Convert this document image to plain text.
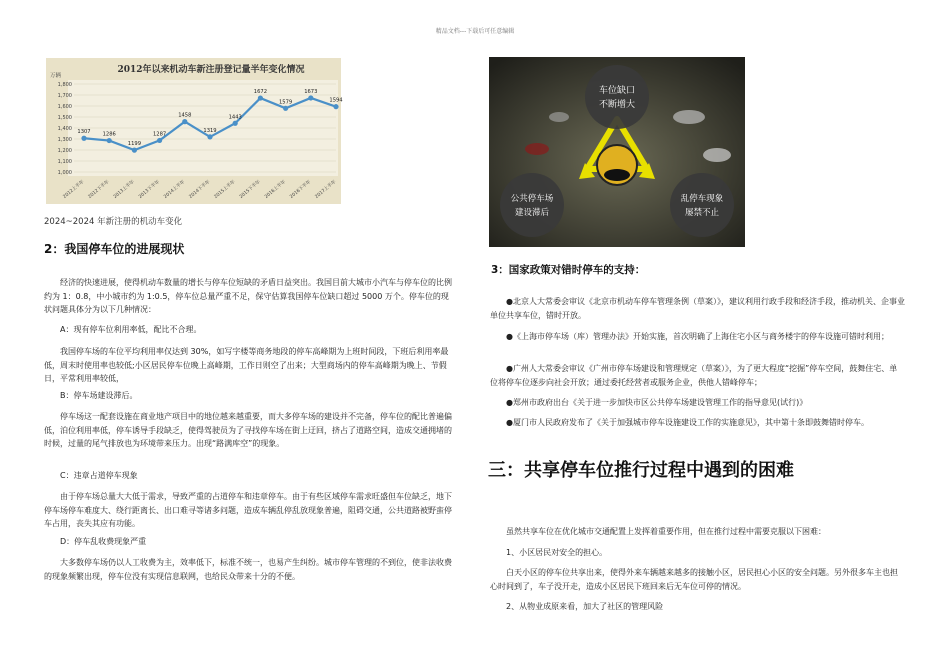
精品文档---下载后可任意编辑
2012年以来机动车新注册登记量半年变化情况
万辆
1,000
1,100
1,200
1,300
1,400
1,500
1,600
1,700
1,800
1307
2012上半年
1286
2012下半年
1199
2013上半年
1287
2013下半年
1458
2014上半年
1319
2014下半年
1443
2015上半年
1672
2015下半年
1579
2016上半年
1673
2016下半年
1594
2017上半年
2024~2024 年新注册的机动车变化
2：我国停车位的进展现状
经济的快速进展，使得机动车数量的增长与停车位短缺的矛盾日益突出。我国目前大城市小汽车与停车位的比例约为 1：0.8，中小城市约为 1:0.5，停车位总量严重不足，保守估算我国停车位缺口超过 5000 万个。停车位的现状问题具体分为以下几种情况：
A：现有停车位利用率低，配比不合理。
我国停车场的车位平均利用率仅达到 30%，如写字楼等商务地段的停车高峰期为上班时间段，下班后利用率最低，周末时使用率也较低;小区居民停车位晚上高峰期，工作日则空了出来；大型商场内的停车高峰期为晚上、节假日，平常利用率较低，
B：停车场建设滞后。
停车场这一配套设施在商业地产项目中的地位越来越重要，而大多停车场的建设并不完备，停车位的配比普遍偏低，泊位利用率低，停车诱导手段缺乏，使得驾驶员为了寻找停车场在街上迂回，挤占了道路空间，造成交通拥堵的时候，过量的尾气排放也为环境带来压力。出现“路满库空”的现象。
C：违章占道停车现象
由于停车场总量大大低于需求，导致严重的占道停车和违章停车。由于有些区域停车需求旺盛但车位缺乏，地下停车场停车难度大、绕行距离长、出口难寻等诸多问题，造成车辆乱停乱放现象普遍，阻碍交通，公共道路被野蛮停车占用，丧失其应有功能。
D：停车乱收费现象严重
大多数停车场仍以人工收费为主，效率低下，标准不统一，也易产生纠纷。城市停车管理的不到位，使非法收费的现象频繁出现，停车位没有实现信息联网，也给民众带来十分的不便。
车位缺口
不断增大
公共停车场
建设滞后
乱停车现象
屡禁不止
3：国家政策对错时停车的支持：
●北京人大常委会审议《北京市机动车停车管理条例（草案）》，建议利用行政手段和经济手段，推动机关、企事业单位共享车位，错时开放。
●《上海市停车场（库）管理办法》开始实施，首次明确了上海住宅小区与商务楼宇的停车设施可错时利用；
●广州人大常委会审议《广州市停车场建设和管理规定（草案）》，为了更大程度“挖掘”停车空间，鼓舞住宅、单位将停车位逐步向社会开放；通过委托经营者或服务企业，供他人错峰停车；
●郑州市政府出台《关于进一步加快市区公共停车场建设管理工作的指导意见(试行)》
●厦门市人民政府发布了《关于加强城市停车设施建设工作的实施意见》，其中第十条即鼓舞错时停车。
三：共享停车位推行过程中遇到的困难
虽然共享车位在优化城市交通配置上发挥着重要作用，但在推行过程中需要克服以下困难：
1、小区居民对安全的担心。
白天小区的停车位共享出来，使得外来车辆越来越多的接触小区，居民担心小区的安全问题。另外很多车主也担心时间到了，车子没开走，造成小区居民下班回来后无车位可停的情况。
2、从物业成原来看，加大了社区的管理风险
